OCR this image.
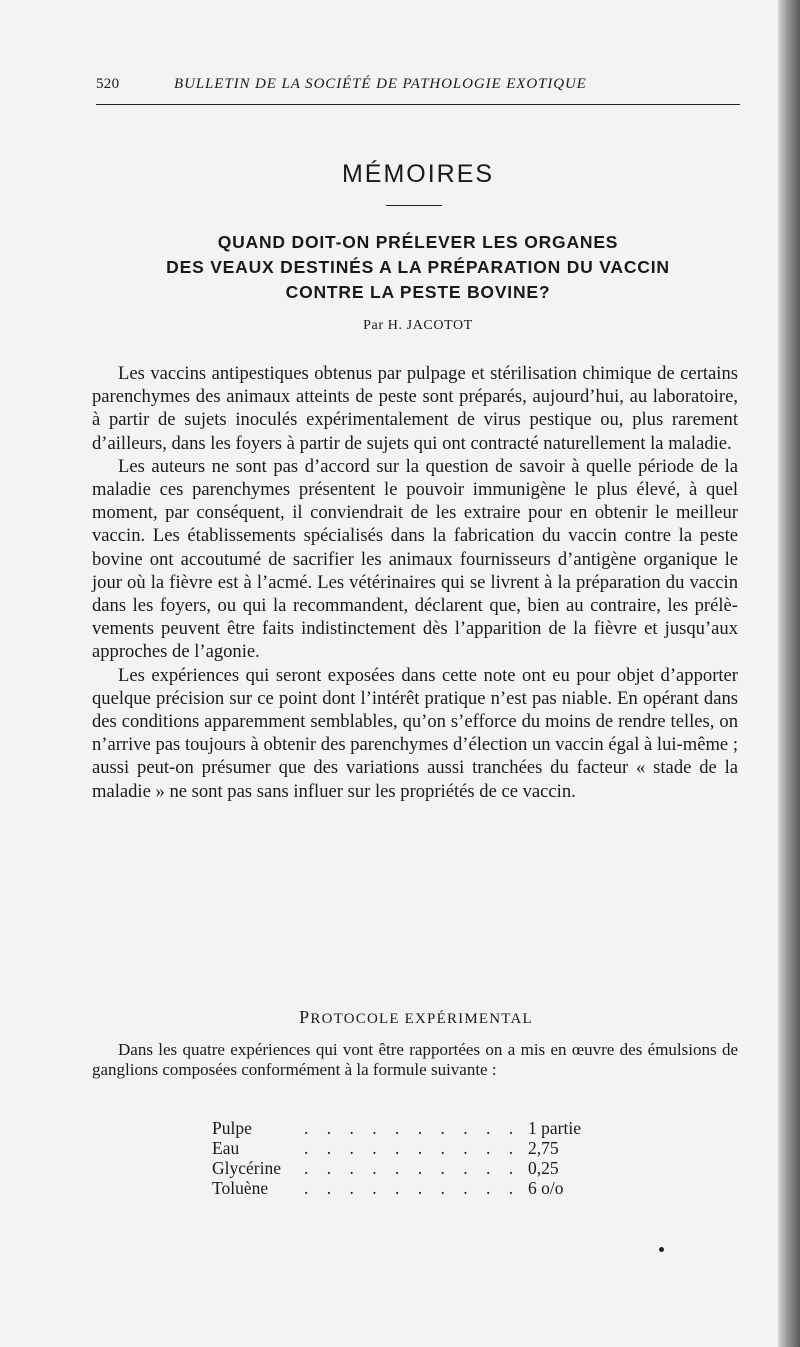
520	BULLETIN DE LA SOCIÉTÉ DE PATHOLOGIE EXOTIQUE
MÉMOIRES
QUAND DOIT-ON PRÉLEVER LES ORGANES
DES VEAUX DESTINÉS A LA PRÉPARATION DU VACCIN
CONTRE LA PESTE BOVINE?
Par H. JACOTOT

Les vaccins antipestiques obtenus par pulpage et stérilisation chimique de certains parenchymes des animaux atteints de peste sont préparés, aujourd’hui, au laboratoire, à partir de sujets inoculés expérimentalement de virus pestique ou, plus rarement d’ailleurs, dans les foyers à partir de sujets qui ont contracté naturellement la maladie.

Les auteurs ne sont pas d’accord sur la question de savoir à quelle période de la maladie ces parenchymes présentent le pouvoir immunigène le plus élevé, à quel moment, par conséquent, il conviendrait de les extraire pour en obtenir le meilleur vaccin. Les établissements spécialisés dans la fabrication du vaccin contre la peste bovine ont accoutumé de sacrifier les animaux fournisseurs d’antigène organique le jour où la fièvre est à l’acmé. Les vétérinaires qui se livrent à la préparation du vaccin dans les foyers, ou qui la recommandent, déclarent que, bien au contraire, les prélèvements peuvent être faits indistinctement dès l’apparition de la fièvre et jusqu’aux approches de l’agonie.

Les expériences qui seront exposées dans cette note ont eu pour objet d’apporter quelque précision sur ce point dont l’intérêt pratique n’est pas niable. En opérant dans des conditions apparemment semblables, qu’on s’efforce du moins de rendre telles, on n’arrive pas toujours à obtenir des parenchymes d’élection un vaccin égal à lui-même ; aussi peut-on présumer que des variations aussi tranchées du facteur « stade de la maladie » ne sont pas sans influer sur les propriétés de ce vaccin.

PROTOCOLE EXPÉRIMENTAL
Dans les quatre expériences qui vont être rapportées on a mis en œuvre des émulsions de ganglions composées conformément à la formule suivante :
Pulpe	. . . . . . . . . . 1 partie
Eau	. . . . . . . . . . 2,75
Glycérine . . . . . . . . . . 0,25
Toluène . . . . . . . . . . 6 o/o
